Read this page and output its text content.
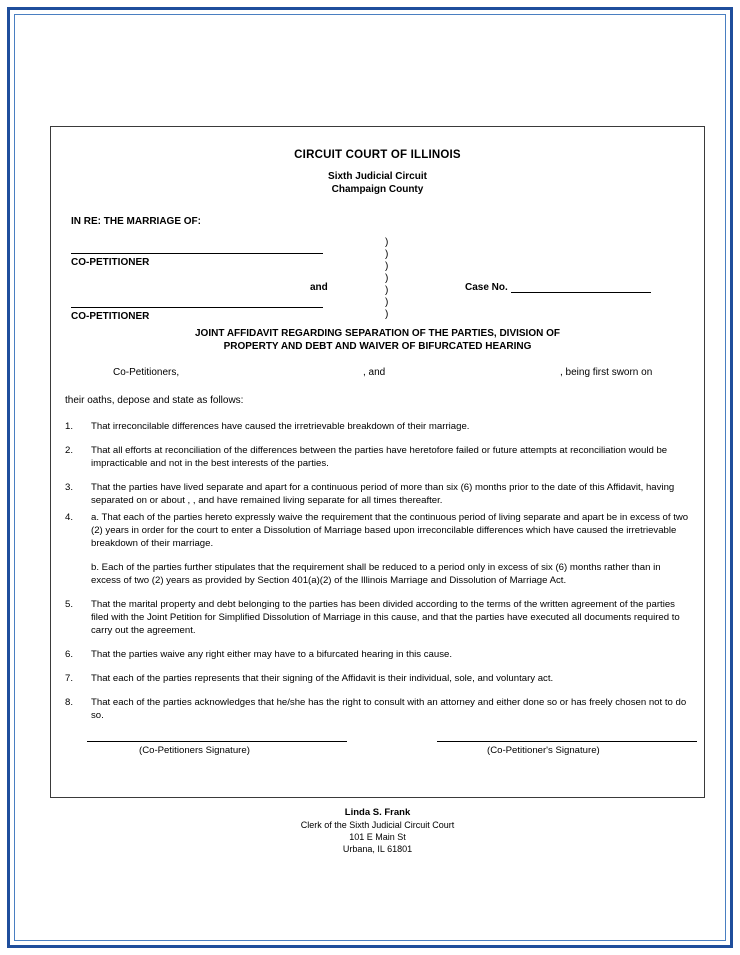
CIRCUIT COURT OF ILLINOIS
Sixth Judicial Circuit
Champaign County
IN RE: THE MARRIAGE OF:
CO-PETITIONER
)
)
)
)
)
)
)
and	Case No.
CO-PETITIONER
JOINT AFFIDAVIT REGARDING SEPARATION OF THE PARTIES, DIVISION OF
PROPERTY AND DEBT AND WAIVER OF BIFURCATED HEARING
Co-Petitioners,	, and	, being first sworn on
their oaths, depose and state as follows:
1.	That irreconcilable differences have caused the irretrievable breakdown of their marriage.

2.	That all efforts at reconciliation of the differences between the parties have heretofore failed or future attempts at reconciliation would be impracticable and not in the best interests of the parties.

3.	That the parties have lived separate and apart for a continuous period of more than six (6) months prior to the date of this Affidavit, having separated on or about , , and have remained living separate for all times thereafter.

4.	a. That each of the parties hereto expressly waive the requirement that the continuous period of living separate and apart be in excess of two (2) years in order for the court to enter a Dissolution of Marriage based upon irreconcilable differences which have caused the irretrievable breakdown of their marriage.

b. Each of the parties further stipulates that the requirement shall be reduced to a period only in excess of six (6) months rather than in excess of two (2) years as provided by Section 401(a)(2) of the Illinois Marriage and Dissolution of Marriage Act.

5.	That the marital property and debt belonging to the parties has been divided according to the terms of the written agreement of the parties filed with the Joint Petition for Simplified Dissolution of Marriage in this cause, and that the parties have executed all documents required to carry out the agreement.

6.	That the parties waive any right either may have to a bifurcated hearing in this cause.

7.	That each of the parties represents that their signing of the Affidavit is their individual, sole, and voluntary act.

8.	That each of the parties acknowledges that he/she has the right to consult with an attorney and either done so or has freely chosen not to do so.

(Co-Petitioners Signature)	(Co-Petitioner's Signature)
Linda S. Frank
Clerk of the Sixth Judicial Circuit Court
101 E Main St
Urbana, IL 61801
